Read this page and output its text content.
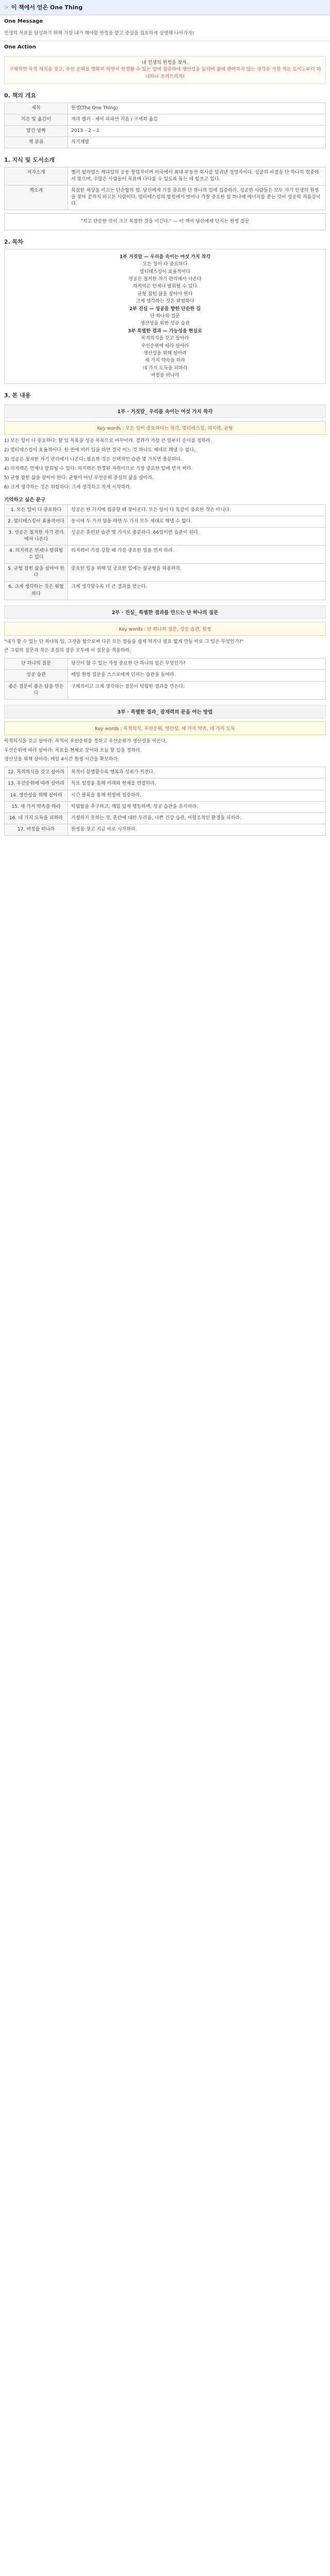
☞ 이 책에서 얻은 One Thing
One Message
인생의 목표를 달성하기 위해 가장 내가 해야할 한정을 맡고 중심을 집요하게 실행해 나아가자!
One Action
내 인생의 원씽을 찾자.
구체적인 목적 의식을 갖고, 우선 순위를 명확히 하면서 한정할 수 있는 일에 집중하여 생산성을 늘리며 삶에 관여하지 않는 생각은 가장 적은 도미노부터 하나하나 쓰러뜨리자!
0. 책의 개요
제목	원씽(The One Thing)
지은 및 옮긴이	게리 켈러 · 제이 파파산 지음 / 구세희 옮김
발간 날짜	2013 – 2 – 1
책 분류	자기계발
1. 지식 및 도서소개
저자소개	켈러 윌리엄스 캐피털의 공동 창업자이며 미국에서 최대 부동산 회사를 일궈낸 경영자이다. 성공의 비결을 단 하나의 집중에서 찾으며, 수많은 사람들이 목표에 다다를 수 있도록 돕는 데 힘쓰고 있다.
책소개	복잡한 세상을 이끄는 단순함의 힘. 당신에게 가장 중요한 단 하나의 일에 집중하라. 성공한 사람들은 모두 자기 인생의 원씽을 찾아 끝까지 파고든 사람이다. 멀티태스킹의 함정에서 벗어나 가장 중요한 일 하나에 에너지를 쏟는 것이 성공의 지름길이다.
"작고 단순한 것이 크고 복잡한 것을 이긴다." — 이 책이 당신에게 던지는 원씽 질문
2. 목차
1부 거짓말 — 우리를 속이는 여섯 가지 착각
모든 일이 다 중요하다
멀티태스킹이 효율적이다
성공은 철저한 자기 관리에서 나온다
의지력은 언제나 발휘될 수 있다
균형 잡힌 삶을 살아야 한다
크게 생각하는 것은 위험하다
2부 진실 — 성공을 향한 단순한 길
단 하나의 질문
생산성을 위한 성공 습관
3부 특별한 결과 — 가능성을 현실로
목적의식을 갖고 살아라
우선순위에 따라 살아라
생산성을 위해 살아라
세 가지 약속을 하라
네 가지 도둑을 피하라
여정을 떠나라
3. 본 내용
1부 · 거짓말_ 우리를 속이는 여섯 가지 착각
Key words : 모든 일이 중요하다는 착각, 멀티태스킹, 의지력, 균형
1) 모든 일이 다 중요하다: 할 일 목록을 성공 목록으로 바꾸어라. 결과가 가장 큰 일부터 순서를 정하라.
2) 멀티태스킹이 효율적이다: 한 번에 여러 일을 하면 결국 어느 것 하나도 제대로 해낼 수 없다.
3) 성공은 철저한 자기 관리에서 나온다: 필요한 것은 선택적인 습관 몇 가지면 충분하다.
4) 의지력은 언제나 발휘될 수 있다: 의지력은 한정된 자원이므로 가장 중요한 일에 먼저 써라.
5) 균형 잡힌 삶을 살아야 한다: 균형이 아닌 우선순위 중심의 삶을 살아라.
6) 크게 생각하는 것은 위험하다: 크게 생각하고 작게 시작하라.
기억하고 싶은 문구
1. 모든 일이 다 중요하다	성공은 한 가지에 집중할 때 찾아온다. 모든 일이 다 똑같이 중요한 것은 아니다.
2. 멀티태스킹이 효율적이다	동시에 두 가지 일을 하면 두 가지 모두 제대로 해낼 수 없다.
3. 성공은 철저한 자기 관리에서 나온다	성공은 훈련된 습관 몇 가지로 충분하다. 66일이면 습관이 된다.
4. 의지력은 언제나 발휘될 수 있다	의지력이 가장 강할 때 가장 중요한 일을 먼저 하라.
5. 균형 잡힌 삶을 살아야 한다	중요한 일을 위해 덜 중요한 일에는 불균형을 허용하라.
6. 크게 생각하는 것은 위험하다	크게 생각할수록 더 큰 결과를 얻는다.
2부 · 진실_ 특별한 결과를 만드는 단 하나의 질문
Key words : 단 하나의 질문, 성공 습관, 원씽
"내가 할 수 있는 단 하나의 일, 그것을 함으로써 다른 모든 일들을 쉽게 하거나 필요 없게 만들 바로 그 일은 무엇인가?"
큰 그림의 질문과 작은 초점의 질문 모두에 이 질문을 적용하라.
단 하나의 질문	당신이 할 수 있는 가장 중요한 단 하나의 일은 무엇인가?
성공 습관	매일 원씽 질문을 스스로에게 던지는 습관을 들여라.
좋은 질문이 좋은 답을 만든다	구체적이고 크게 생각하는 질문이 탁월한 결과를 만든다.
3부 · 특별한 결과_ 잠재력의 문을 여는 방법
Key words : 목적의식, 우선순위, 생산성, 세 가지 약속, 네 가지 도둑
목적의식을 갖고 살아라: 목적이 우선순위를 정하고 우선순위가 생산성을 이끈다.
우선순위에 따라 살아라: 목표를 현재로 끌어와 오늘 할 일을 정하라.
생산성을 위해 살아라: 매일 4시간 원씽 시간을 확보하라.
12. 목적의식을 갖고 살아라	목적이 분명할수록 행복과 성취가 커진다.
13. 우선순위에 따라 살아라	목표 설정을 통해 미래와 현재를 연결하라.
14. 생산성을 위해 살아라	시간 블록을 통해 원씽에 집중하라.
15. 세 가지 약속을 하라	탁월함을 추구하고, 책임 있게 행동하며, 성공 습관을 유지하라.
16. 네 가지 도둑을 피하라	거절하지 못하는 것, 혼란에 대한 두려움, 나쁜 건강 습관, 비협조적인 환경을 피하라.
17. 여정을 떠나라	원씽을 찾고 지금 바로 시작하라.
